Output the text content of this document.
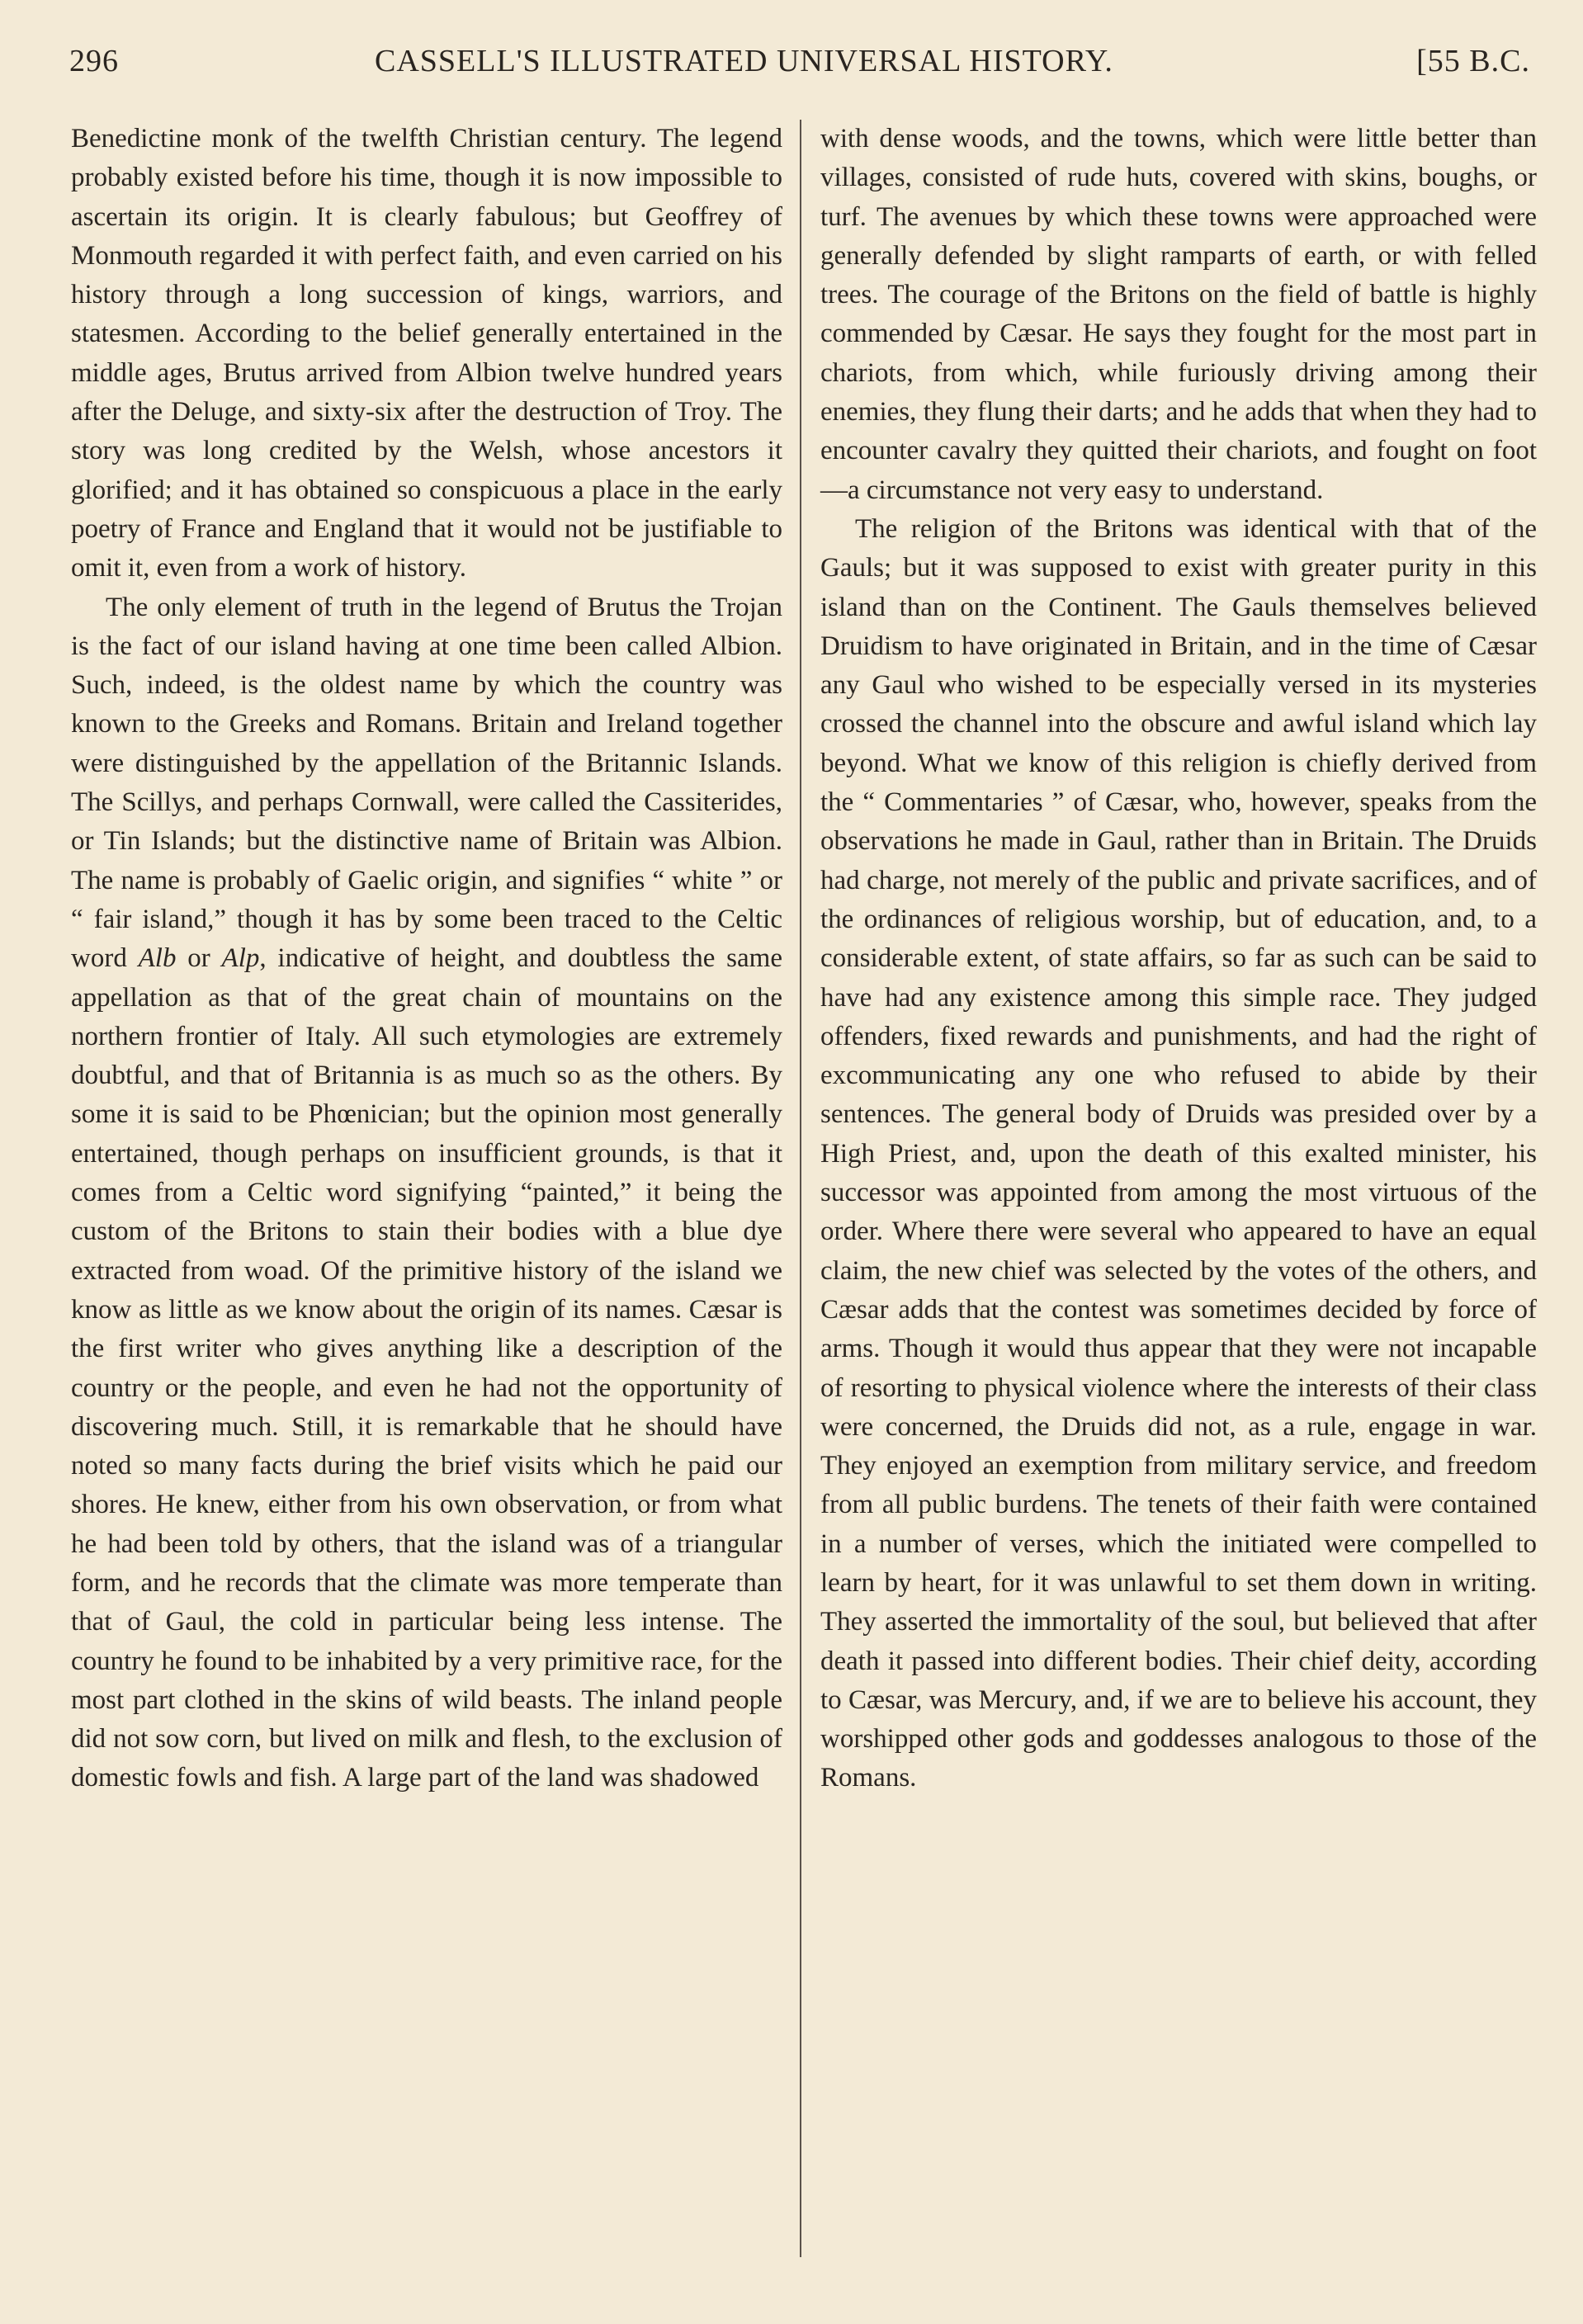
296	CASSELL'S ILLUSTRATED UNIVERSAL HISTORY.	[55 B.C.

Benedictine monk of the twelfth Christian century. The legend probably existed before his time, though it is now impossible to ascertain its origin. It is clearly fabulous; but Geoffrey of Monmouth regarded it with perfect faith, and even carried on his history through a long succession of kings, warriors, and statesmen. According to the belief generally entertained in the middle ages, Brutus arrived from Albion twelve hundred years after the Deluge, and sixty-six after the destruction of Troy. The story was long credited by the Welsh, whose ancestors it glorified; and it has obtained so conspicuous a place in the early poetry of France and England that it would not be justifiable to omit it, even from a work of history.

The only element of truth in the legend of Brutus the Trojan is the fact of our island having at one time been called Albion. Such, indeed, is the oldest name by which the country was known to the Greeks and Romans. Britain and Ireland together were distinguished by the appellation of the Britannic Islands. The Scillys, and perhaps Cornwall, were called the Cassiterides, or Tin Islands; but the distinctive name of Britain was Albion. The name is probably of Gaelic origin, and signifies “ white ” or “ fair island,” though it has by some been traced to the Celtic word Alb or Alp, indicative of height, and doubtless the same appellation as that of the great chain of mountains on the northern frontier of Italy. All such etymologies are extremely doubtful, and that of Britannia is as much so as the others. By some it is said to be Phœnician; but the opinion most generally entertained, though perhaps on insufficient grounds, is that it comes from a Celtic word signifying “painted,” it being the custom of the Britons to stain their bodies with a blue dye extracted from woad. Of the primitive history of the island we know as little as we know about the origin of its names. Cæsar is the first writer who gives anything like a description of the country or the people, and even he had not the opportunity of discovering much. Still, it is remarkable that he should have noted so many facts during the brief visits which he paid our shores. He knew, either from his own observation, or from what he had been told by others, that the island was of a triangular form, and he records that the climate was more temperate than that of Gaul, the cold in particular being less intense. The country he found to be inhabited by a very primitive race, for the most part clothed in the skins of wild beasts. The inland people did not sow corn, but lived on milk and flesh, to the exclusion of domestic fowls and fish. A large part of the land was shadowed

with dense woods, and the towns, which were little better than villages, consisted of rude huts, covered with skins, boughs, or turf. The avenues by which these towns were approached were generally defended by slight ramparts of earth, or with felled trees. The courage of the Britons on the field of battle is highly commended by Cæsar. He says they fought for the most part in chariots, from which, while furiously driving among their enemies, they flung their darts; and he adds that when they had to encounter cavalry they quitted their chariots, and fought on foot—a circumstance not very easy to understand.

The religion of the Britons was identical with that of the Gauls; but it was supposed to exist with greater purity in this island than on the Continent. The Gauls themselves believed Druidism to have originated in Britain, and in the time of Cæsar any Gaul who wished to be especially versed in its mysteries crossed the channel into the obscure and awful island which lay beyond. What we know of this religion is chiefly derived from the “ Commentaries ” of Cæsar, who, however, speaks from the observations he made in Gaul, rather than in Britain. The Druids had charge, not merely of the public and private sacrifices, and of the ordinances of religious worship, but of education, and, to a considerable extent, of state affairs, so far as such can be said to have had any existence among this simple race. They judged offenders, fixed rewards and punishments, and had the right of excommunicating any one who refused to abide by their sentences. The general body of Druids was presided over by a High Priest, and, upon the death of this exalted minister, his successor was appointed from among the most virtuous of the order. Where there were several who appeared to have an equal claim, the new chief was selected by the votes of the others, and Cæsar adds that the contest was sometimes decided by force of arms. Though it would thus appear that they were not incapable of resorting to physical violence where the interests of their class were concerned, the Druids did not, as a rule, engage in war. They enjoyed an exemption from military service, and freedom from all public burdens. The tenets of their faith were contained in a number of verses, which the initiated were compelled to learn by heart, for it was unlawful to set them down in writing. They asserted the immortality of the soul, but believed that after death it passed into different bodies. Their chief deity, according to Cæsar, was Mercury, and, if we are to believe his account, they worshipped other gods and goddesses analogous to those of the Romans.
